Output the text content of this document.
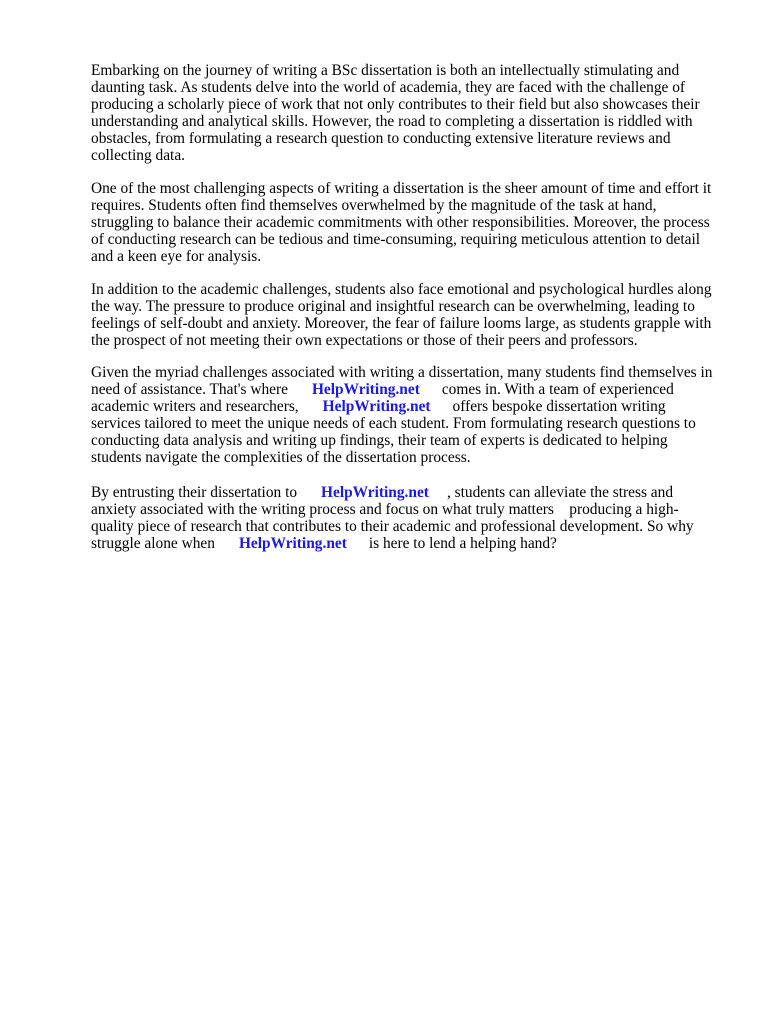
Embarking on the journey of writing a BSc dissertation is both an intellectually stimulating and
daunting task. As students delve into the world of academia, they are faced with the challenge of
producing a scholarly piece of work that not only contributes to their field but also showcases their
understanding and analytical skills. However, the road to completing a dissertation is riddled with
obstacles, from formulating a research question to conducting extensive literature reviews and
collecting data.

One of the most challenging aspects of writing a dissertation is the sheer amount of time and effort it
requires. Students often find themselves overwhelmed by the magnitude of the task at hand,
struggling to balance their academic commitments with other responsibilities. Moreover, the process
of conducting research can be tedious and time-consuming, requiring meticulous attention to detail
and a keen eye for analysis.

In addition to the academic challenges, students also face emotional and psychological hurdles along
the way. The pressure to produce original and insightful research can be overwhelming, leading to
feelings of self-doubt and anxiety. Moreover, the fear of failure looms large, as students grapple with
the prospect of not meeting their own expectations or those of their peers and professors.

Given the myriad challenges associated with writing a dissertation, many students find themselves in
need of assistance. That's where HelpWriting.net comes in. With a team of experienced
academic writers and researchers, HelpWriting.net offers bespoke dissertation writing
services tailored to meet the unique needs of each student. From formulating research questions to
conducting data analysis and writing up findings, their team of experts is dedicated to helping
students navigate the complexities of the dissertation process.

By entrusting their dissertation to HelpWriting.net , students can alleviate the stress and
anxiety associated with the writing process and focus on what truly matters    producing a high-
quality piece of research that contributes to their academic and professional development. So why
struggle alone when HelpWriting.net is here to lend a helping hand?
